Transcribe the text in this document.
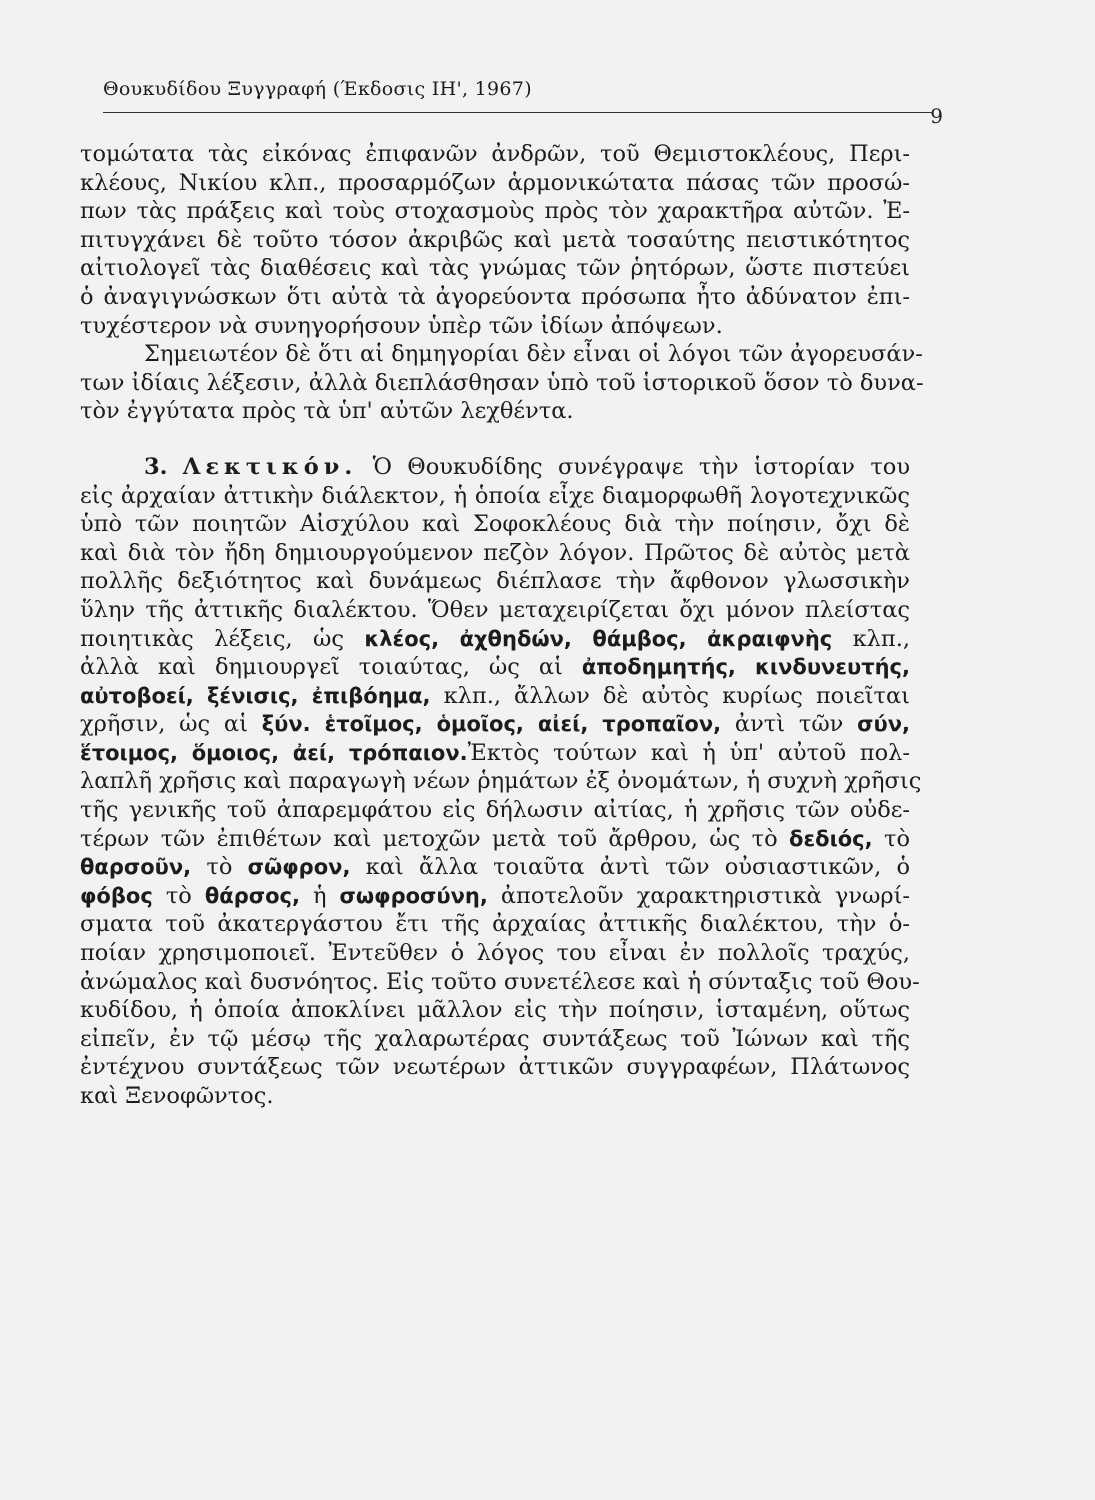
Θουκυδίδου Ξυγγραφή (Έκδοσις ΙΗ', 1967)
9
τομώτατα τὰς εἰκόνας ἐπιφανῶν ἀνδρῶν, τοῦ Θεμιστοκλέους, Περι-
κλέους, Νικίου κλπ., προσαρμόζων ἁρμονικώτατα πάσας τῶν προσώ-
πων τὰς πράξεις καὶ τοὺς στοχασμοὺς πρὸς τὸν χαρακτῆρα αὐτῶν. Ἐ-
πιτυγχάνει δὲ τοῦτο τόσον ἀκριβῶς καὶ μετὰ τοσαύτης πειστικότητος
αἰτιολογεῖ τὰς διαθέσεις καὶ τὰς γνώμας τῶν ῥητόρων, ὥστε πιστεύει
ὁ ἀναγιγνώσκων ὅτι αὐτὰ τὰ ἀγορεύοντα πρόσωπα ἦτο ἀδύνατον ἐπι-
τυχέστερον νὰ συνηγορήσουν ὑπὲρ τῶν ἰδίων ἀπόψεων.
Σημειωτέον δὲ ὅτι αἱ δημηγορίαι δὲν εἶναι οἱ λόγοι τῶν ἀγορευσάν-
των ἰδίαις λέξεσιν, ἀλλὰ διεπλάσθησαν ὑπὸ τοῦ ἱστορικοῦ ὅσον τὸ δυνα-
τὸν ἐγγύτατα πρὸς τὰ ὑπ' αὐτῶν λεχθέντα.
3. Λεκτικόν. Ὁ Θουκυδίδης συνέγραψε τὴν ἱστορίαν του
εἰς ἀρχαίαν ἀττικὴν διάλεκτον, ἡ ὁποία εἶχε διαμορφωθῆ λογοτεχνικῶς
ὑπὸ τῶν ποιητῶν Αἰσχύλου καὶ Σοφοκλέους διὰ τὴν ποίησιν, ὄχι δὲ
καὶ διὰ τὸν ἤδη δημιουργούμενον πεζὸν λόγον. Πρῶτος δὲ αὐτὸς μετὰ
πολλῆς δεξιότητος καὶ δυνάμεως διέπλασε τὴν ἄφθονον γλωσσικὴν
ὕλην τῆς ἀττικῆς διαλέκτου. Ὅθεν μεταχειρίζεται ὄχι μόνον πλείστας
ποιητικὰς λέξεις, ὡς κλέος, ἀχθηδών, θάμβος, ἀκραιφνὴς κλπ.,
ἀλλὰ καὶ δημιουργεῖ τοιαύτας, ὡς αἱ ἀποδημητής, κινδυνευτής,
αὐτοβοεί, ξένισις, ἐπιβόημα, κλπ., ἄλλων δὲ αὐτὸς κυρίως ποιεῖται
χρῆσιν, ὡς αἱ ξύν. ἑτοῖμος, ὁμοῖος, αἰεί, τροπαῖον, ἀντὶ τῶν σύν,
ἕτοιμος, ὅμοιος, ἀεί, τρόπαιον.Ἐκτὸς τούτων καὶ ἡ ὑπ' αὐτοῦ πολ-
λαπλῆ χρῆσις καὶ παραγωγὴ νέων ῥημάτων ἐξ ὀνομάτων, ἡ συχνὴ χρῆσις
τῆς γενικῆς τοῦ ἀπαρεμφάτου εἰς δήλωσιν αἰτίας, ἡ χρῆσις τῶν οὐδε-
τέρων τῶν ἐπιθέτων καὶ μετοχῶν μετὰ τοῦ ἄρθρου, ὡς τὸ δεδιός, τὸ
θαρσοῦν, τὸ σῶφρον, καὶ ἄλλα τοιαῦτα ἀντὶ τῶν οὐσιαστικῶν, ὁ
φόβος τὸ θάρσος, ἡ σωφροσύνη, ἀποτελοῦν χαρακτηριστικὰ γνωρί-
σματα τοῦ ἀκατεργάστου ἔτι τῆς ἀρχαίας ἀττικῆς διαλέκτου, τὴν ὁ-
ποίαν χρησιμοποιεῖ. Ἐντεῦθεν ὁ λόγος του εἶναι ἐν πολλοῖς τραχύς,
ἀνώμαλος καὶ δυσνόητος. Εἰς τοῦτο συνετέλεσε καὶ ἡ σύνταξις τοῦ Θου-
κυδίδου, ἡ ὁποία ἀποκλίνει μᾶλλον εἰς τὴν ποίησιν, ἱσταμένη, οὕτως
εἰπεῖν, ἐν τῷ μέσῳ τῆς χαλαρωτέρας συντάξεως τοῦ Ἰώνων καὶ τῆς
ἐντέχνου συντάξεως τῶν νεωτέρων ἀττικῶν συγγραφέων, Πλάτωνος
καὶ Ξενοφῶντος.
